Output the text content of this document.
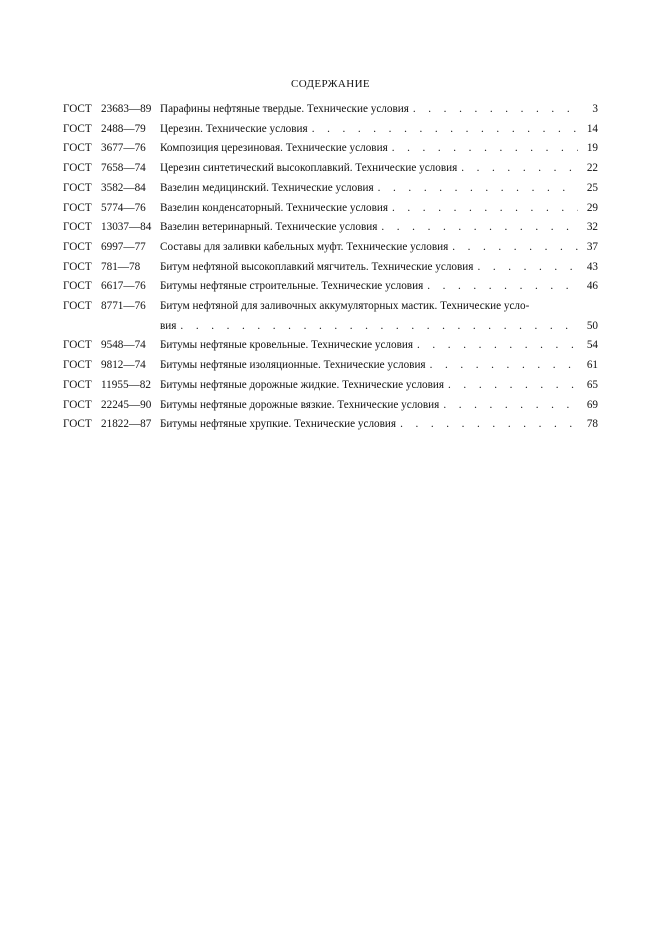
СОДЕРЖАНИЕ
ГОСТ 23683—89 Парафины нефтяные твердые. Технические условия . . .	3
ГОСТ 2488—79	Церезин. Технические условия . . .	14
ГОСТ 3677—76	Композиция церезиновая. Технические условия . . .	19
ГОСТ 7658—74	Церезин синтетический высокоплавкий. Технические условия . . .	22
ГОСТ 3582—84	Вазелин медицинский. Технические условия . . .	25
ГОСТ 5774—76	Вазелин конденсаторный. Технические условия . . .	29
ГОСТ 13037—84 Вазелин ветеринарный. Технические условия . . .	32
ГОСТ 6997—77	Составы для заливки кабельных муфт. Технические условия . . .	37
ГОСТ 781—78	Битум нефтяной высокоплавкий мягчитель. Технические условия . . .	43
ГОСТ 6617—76	Битумы нефтяные строительные. Технические условия . . .	46
ГОСТ 8771—76	Битум нефтяной для заливочных аккумуляторных мастик. Технические усло-
вия . . .	50
ГОСТ 9548—74	Битумы нефтяные кровельные. Технические условия . . .	54
ГОСТ 9812—74	Битумы нефтяные изоляционные. Технические условия . . .	61
ГОСТ 11955—82 Битумы нефтяные дорожные жидкие. Технические условия . . .	65
ГОСТ 22245—90 Битумы нефтяные дорожные вязкие. Технические условия . . .	69
ГОСТ 21822—87 Битумы нефтяные хрупкие. Технические условия . . .	78
